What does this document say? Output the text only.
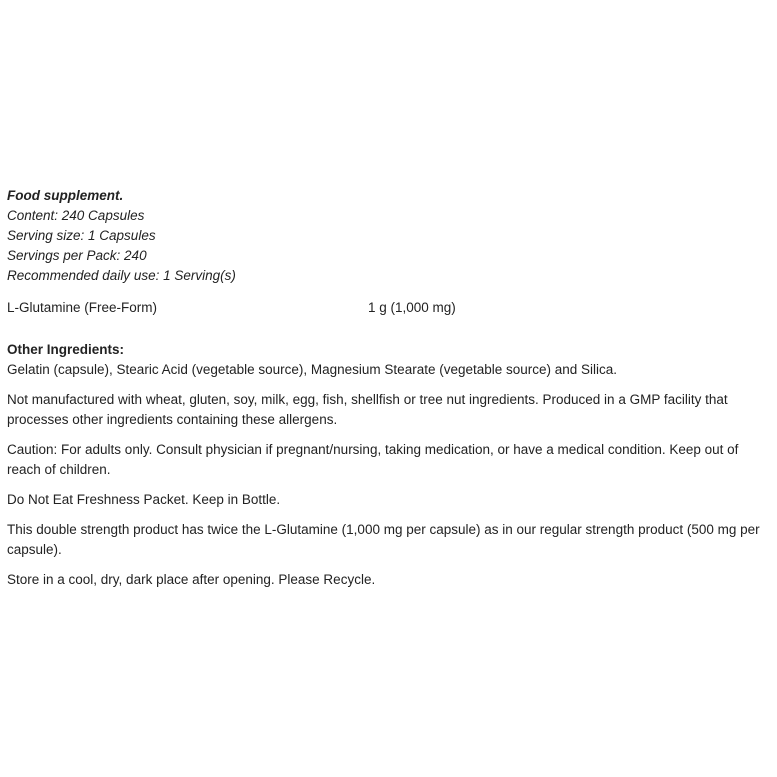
Food supplement.
Content: 240 Capsules
Serving size: 1 Capsules
Servings per Pack: 240
Recommended daily use: 1 Serving(s)
L-Glutamine (Free-Form)	1 g (1,000 mg)
Other Ingredients:

Gelatin (capsule), Stearic Acid (vegetable source), Magnesium Stearate (vegetable source) and Silica.

Not manufactured with wheat, gluten, soy, milk, egg, fish, shellfish or tree nut ingredients. Produced in a GMP facility that processes other ingredients containing these allergens.

Caution: For adults only. Consult physician if pregnant/nursing, taking medication, or have a medical condition. Keep out of reach of children.

Do Not Eat Freshness Packet. Keep in Bottle.

This double strength product has twice the L-Glutamine (1,000 mg per capsule) as in our regular strength product (500 mg per capsule).

Store in a cool, dry, dark place after opening. Please Recycle.
